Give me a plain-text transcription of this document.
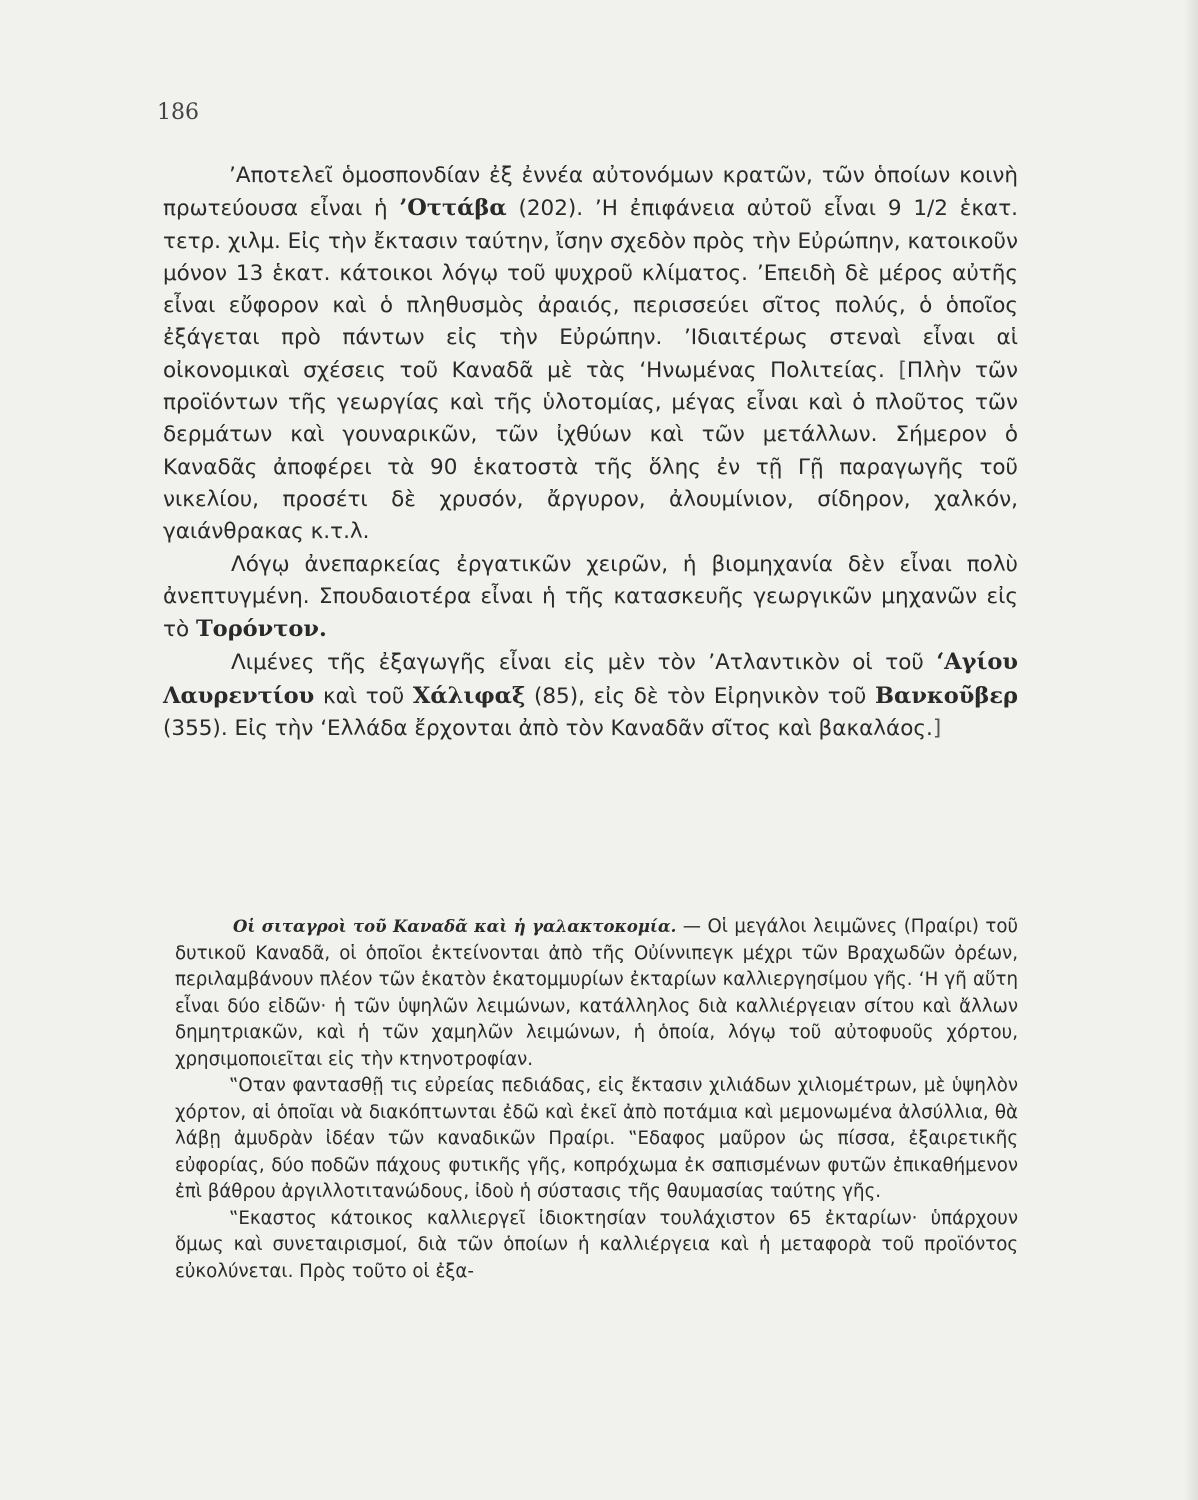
186

’Αποτελεῖ ὁμοσπονδίαν ἐξ ἐννέα αὐτονόμων κρατῶν, τῶν ὁποίων κοινὴ πρωτεύουσα εἶναι ἡ ’Οττάβα (202). ’Η ἐπιφάνεια αὐτοῦ εἶναι 9 1/2 ἑκατ. τετρ. χιλμ. Εἰς τὴν ἔκτασιν ταύτην, ἴσην σχεδὸν πρὸς τὴν Εὐρώπην, κατοικοῦν μόνον 13 ἑκατ. κάτοικοι λόγῳ τοῦ ψυχροῦ κλίματος. ’Επειδὴ δὲ μέρος αὐτῆς εἶναι εὔφορον καὶ ὁ πληθυσμὸς ἀραιός, περισσεύει σῖτος πολύς, ὁ ὁποῖος ἐξάγεται πρὸ πάντων εἰς τὴν Εὐρώπην. ’Ιδιαιτέρως στεναὶ εἶναι αἱ οἰκονομικαὶ σχέσεις τοῦ Καναδᾶ μὲ τὰς ‘Ηνωμένας Πολιτείας. [Πλὴν τῶν προϊόντων τῆς γεωργίας καὶ τῆς ὑλοτομίας, μέγας εἶναι καὶ ὁ πλοῦτος τῶν δερμάτων καὶ γουναρικῶν, τῶν ἰχθύων καὶ τῶν μετάλλων. Σήμερον ὁ Καναδᾶς ἀποφέρει τὰ 90 ἑκατοστὰ τῆς ὅλης ἐν τῇ Γῇ παραγωγῆς τοῦ νικελίου, προσέτι δὲ χρυσόν, ἄργυρον, ἀλουμίνιον, σίδηρον, χαλκόν, γαιάνθρακας κ.τ.λ.

Λόγῳ ἀνεπαρκείας ἐργατικῶν χειρῶν, ἡ βιομηχανία δὲν εἶναι πολὺ ἀνεπτυγμένη. Σπουδαιοτέρα εἶναι ἡ τῆς κατασκευῆς γεωργικῶν μηχανῶν εἰς τὸ Τορόντον.

Λιμένες τῆς ἐξαγωγῆς εἶναι εἰς μὲν τὸν ’Ατλαντικὸν οἱ τοῦ ‘Αγίου Λαυρεντίου καὶ τοῦ Χάλιφαξ (85), εἰς δὲ τὸν Εἰρηνικὸν τοῦ Βανκοῦβερ (355). Εἰς τὴν ‘Ελλάδα ἔρχονται ἀπὸ τὸν Καναδᾶν σῖτος καὶ βακαλάος.]

Οἱ σιταγροὶ τοῦ Καναδᾶ καὶ ἡ γαλακτοκομία. — Οἱ μεγάλοι λειμῶνες (Πραίρι) τοῦ δυτικοῦ Καναδᾶ, οἱ ὁποῖοι ἐκτείνονται ἀπὸ τῆς Οὐίννιπεγκ μέχρι τῶν Βραχωδῶν ὀρέων, περιλαμβάνουν πλέον τῶν ἑκατὸν ἑκατομμυρίων ἐκταρίων καλλιεργησίμου γῆς. ‘Η γῆ αὕτη εἶναι δύο εἰδῶν· ἡ τῶν ὑψηλῶν λειμώνων, κατάλληλος διὰ καλλιέργειαν σίτου καὶ ἄλλων δημητριακῶν, καὶ ἡ τῶν χαμηλῶν λειμώνων, ἡ ὁποία, λόγῳ τοῦ αὐτοφυοῦς χόρτου, χρησιμοποιεῖται εἰς τὴν κτηνοτροφίαν.

‟Οταν φαντασθῇ τις εὐρείας πεδιάδας, εἰς ἔκτασιν χιλιάδων χιλιομέτρων, μὲ ὑψηλὸν χόρτον, αἱ ὁποῖαι νὰ διακόπτωνται ἐδῶ καὶ ἐκεῖ ἀπὸ ποτάμια καὶ μεμονωμένα ἀλσύλλια, θὰ λάβῃ ἀμυδρὰν ἰδέαν τῶν καναδικῶν Πραίρι. ‟Εδαφος μαῦρον ὡς πίσσα, ἐξαιρετικῆς εὐφορίας, δύο ποδῶν πάχους φυτικῆς γῆς, κοπρόχωμα ἐκ σαπισμένων φυτῶν ἐπικαθήμενον ἐπὶ βάθρου ἀργιλλοτιτανώδους, ἰδοὺ ἡ σύστασις τῆς θαυμασίας ταύτης γῆς.

‟Εκαστος κάτοικος καλλιεργεῖ ἰδιοκτησίαν τουλάχιστον 65 ἐκταρίων· ὑπάρχουν ὅμως καὶ συνεταιρισμοί, διὰ τῶν ὁποίων ἡ καλλιέργεια καὶ ἡ μεταφορὰ τοῦ προϊόντος εὐκολύνεται. Πρὸς τοῦτο οἱ ἐξα-
